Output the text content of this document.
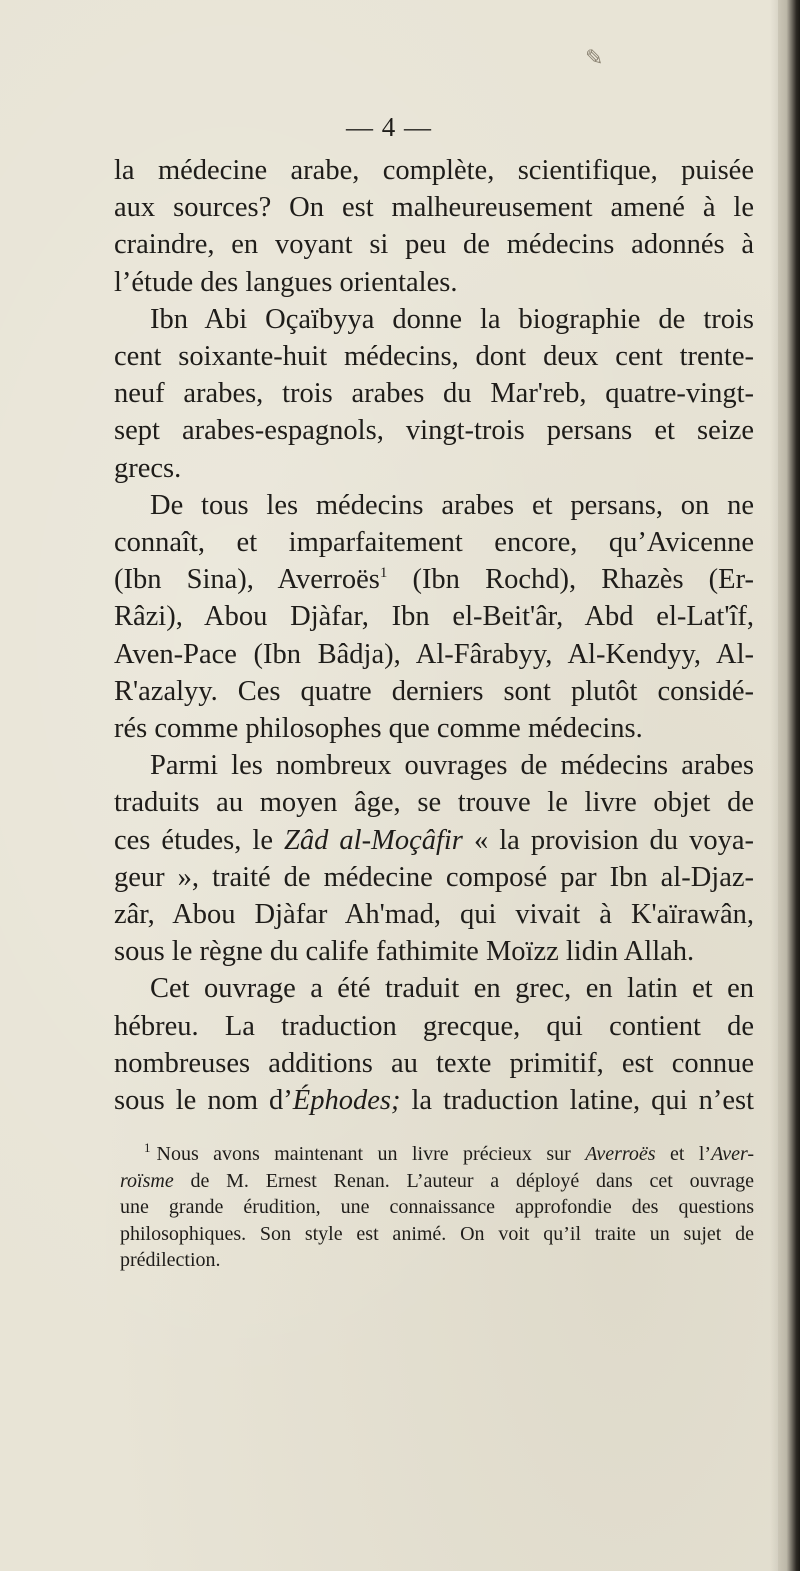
— 4 —
la médecine arabe, complète, scientifique, puisée
aux sources? On est malheureusement amené à le
craindre, en voyant si peu de médecins adonnés à
l’étude des langues orientales.
Ibn Abi Oçaïbyya donne la biographie de trois
cent soixante-huit médecins, dont deux cent trente-
neuf arabes, trois arabes du Mar'reb, quatre-vingt-
sept arabes-espagnols, vingt-trois persans et seize
grecs.
De tous les médecins arabes et persans, on ne
connaît, et imparfaitement encore, qu’Avicenne
(Ibn Sina), Averroës$^1$ (Ibn Rochd), Rhazès (Er-
Râzi), Abou Djàfar, Ibn el-Beit'âr, Abd el-Lat'îf,
Aven-Pace (Ibn Bâdja), Al-Fârabyy, Al-Kendyy, Al-
R'azalyy. Ces quatre derniers sont plutôt considé-
rés comme philosophes que comme médecins.
Parmi les nombreux ouvrages de médecins arabes
traduits au moyen âge, se trouve le livre objet de
ces études, le Zâd al-Moçâfir « la provision du voya-
geur », traité de médecine composé par Ibn al-Djaz-
zâr, Abou Djàfar Ah'mad, qui vivait à K'aïrawân,
sous le règne du calife fathimite Moïzz lidin Allah.
Cet ouvrage a été traduit en grec, en latin et en
hébreu. La traduction grecque, qui contient de
nombreuses additions au texte primitif, est connue
sous le nom d’Éphodes; la traduction latine, qui n’est
$^1$ Nous avons maintenant un livre précieux sur Averroës et l’Aver-
roïsme de M. Ernest Renan. L’auteur a déployé dans cet ouvrage
une grande érudition, une connaissance approfondie des questions
philosophiques. Son style est animé. On voit qu’il traite un sujet de
prédilection.
✎
